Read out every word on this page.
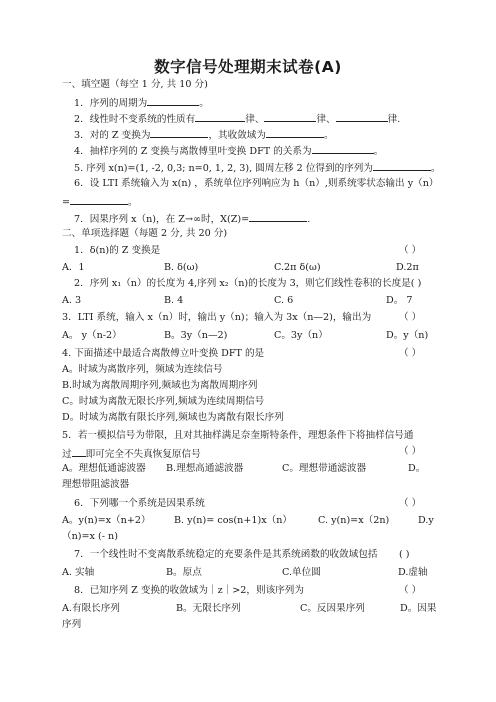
数字信号处理期末试卷(A)
一、填空题（每空 1 分, 共 10 分)
1．序列的周期为	。
2．线性时不变系统的性质有	律、	律、	律.
3．对的 Z 变换为	，其收敛域为	。
4．抽样序列的 Z 变换与离散傅里叶变换 DFT 的关系为	。
5. 序列 x(n)=(1, -2, 0,3; n=0, 1, 2, 3), 圆周左移 2 位得到的序列为	。
6．设 LTI 系统输入为 x(n) ，系统单位序列响应为 h（n）,则系统零状态输出 y（n）
=	。
7．因果序列 x（n)，在 Z→∞时，X(Z)=	.
二、单项选择题（每题 2 分, 共 20 分)
1．δ(n)的 Z 变换是	（ ）
A．1	B. δ(ω)	C.2π δ(ω)	D.2π
2．序列 x₁（n）的长度为 4,序列 x₂（n)的长度为 3，则它们线性卷积的长度是( )
A. 3	B. 4	C. 6	D。 7
3．LTI 系统，输入 x（n）时，输出 y（n)；输入为 3x（n—2)，输出为	（ ）
A。 y（n-2）	B。3y（n—2)	C。3y（n）	D。y（n)
4. 下面描述中最适合离散傅立叶变换 DFT 的是	（ ）
A。时域为离散序列，频域为连续信号
B.时域为离散周期序列,频域也为离散周期序列
C。时域为离散无限长序列,频域为连续周期信号
D。时域为离散有限长序列,频域也为离散有限长序列
5．若一模拟信号为带限，且对其抽样满足奈奎斯特条件，理想条件下将抽样信号通
过 即可完全不失真恢复原信号	（ ）
A。理想低通滤波器 B.理想高通滤波器	C。理想带通滤波器	D。
理想带阻滤波器
6．下列哪一个系统是因果系统	（ ）
A。y(n)=x（n+2） B. y(n)= cos(n+1)x（n）	C. y(n)=x（2n)	D.y
（n)=x (- n)
7．一个线性时不变离散系统稳定的充要条件是其系统函数的收敛域包括 ( )
A. 实轴	B。原点	C.单位圆	D.虚轴
8．已知序列 Z 变换的收敛域为｜z｜>2，则该序列为	（ ）
A.有限长序列	B。无限长序列	C。反因果序列	D。因果
序列
